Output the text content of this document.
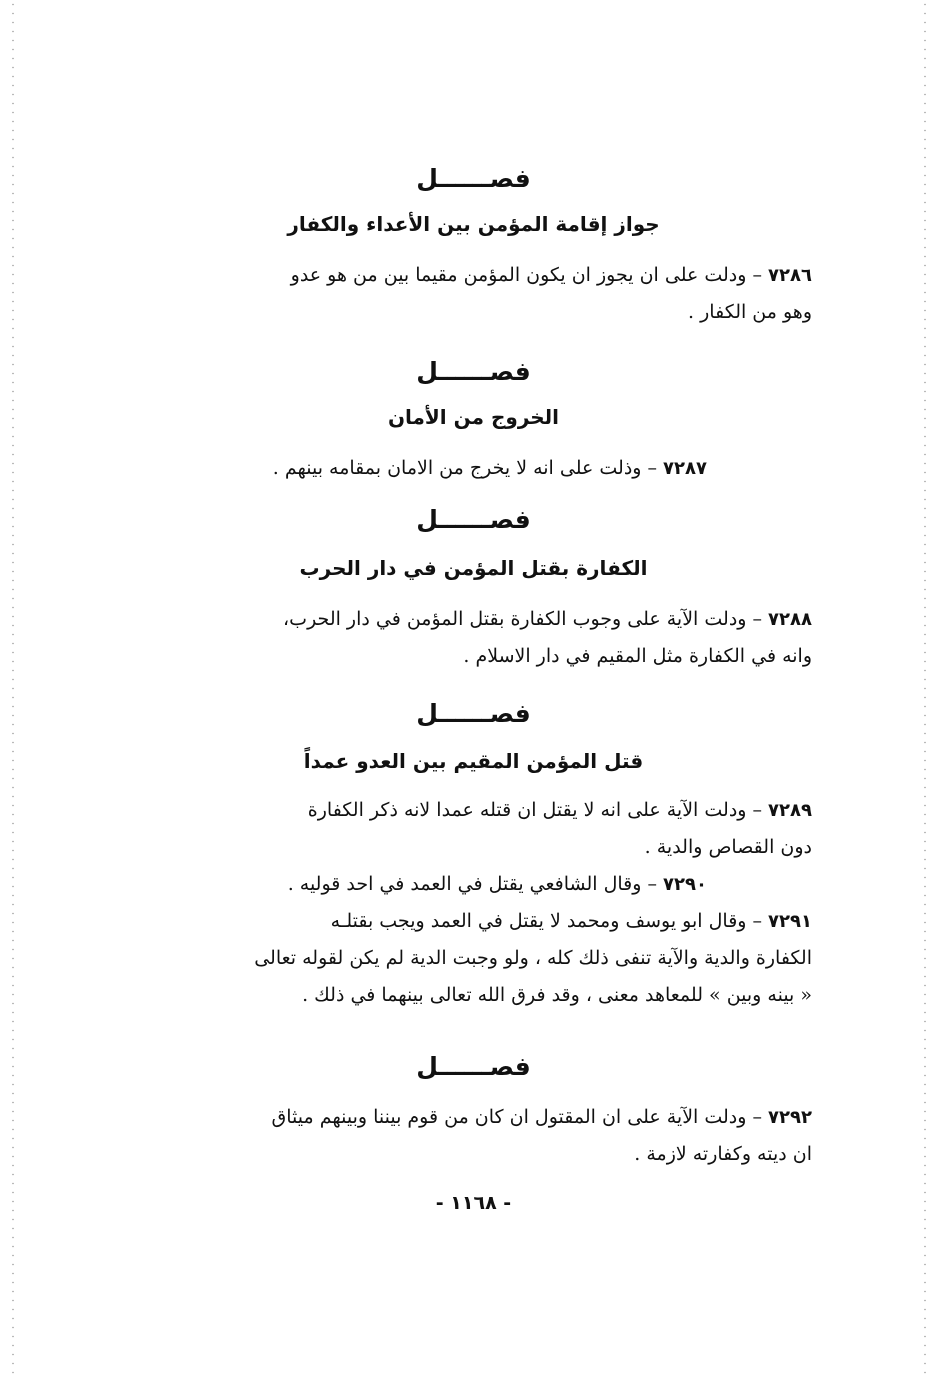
فصــــــل
جواز إقامة المؤمن بين الأعداء والكفار
٧٢٨٦ – ودلت على ان يجوز ان يكون المؤمن مقيما بين من هو عدو
وهو من الكفار .
فصــــــل
الخروج من الأمان
٧٢٨٧ – وذلت على انه لا يخرج من الامان بمقامه بينهم .
فصــــــل
الكفارة بقتل المؤمن في دار الحرب
٧٢٨٨ – ودلت الآية على وجوب الكفارة بقتل المؤمن في دار الحرب،
وانه في الكفارة مثل المقيم في دار الاسلام .
فصــــــل
قتل المؤمن المقيم بين العدو عمداً
٧٢٨٩ – ودلت الآية على انه لا يقتل ان قتله عمدا لانه ذكر الكفارة
دون القصاص والدية .
٧٢٩٠ – وقال الشافعي يقتل في العمد في احد قوليه .
٧٢٩١ – وقال ابو يوسف ومحمد لا يقتل في العمد ويجب بقتلـه
الكفارة والدية والآية تنفى ذلك كله ، ولو وجبت الدية لم يكن لقوله تعالى
« بينه وبين » للمعاهد معنى ، وقد فرق الله تعالى بينهما في ذلك .
فصــــــل
٧٢٩٢ – ودلت الآية على ان المقتول ان كان من قوم بيننا وبينهم ميثاق
ان ديته وكفارته لازمة .
- ١١٦٨ -
